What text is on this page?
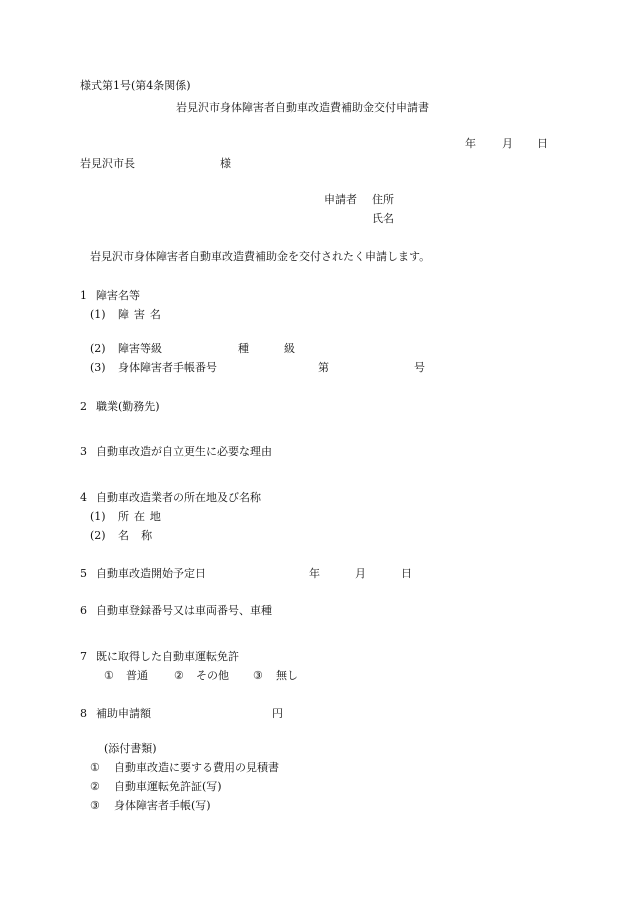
様式第1号(第4条関係)
岩見沢市身体障害者自動車改造費補助金交付申請書
年 月 日
岩見沢市長	様
申請者 住所
氏名
岩見沢市身体障害者自動車改造費補助金を交付されたく申請します。
1 障害名等
(1) 障害名
(2) 障害等級	種	級
(3) 身体障害者手帳番号	第	号
2 職業(勤務先)
3 自動車改造が自立更生に必要な理由
4 自動車改造業者の所在地及び名称
(1) 所在地
(2) 名称
5 自動車改造開始予定日	年	月	日
6 自動車登録番号又は車両番号、車種
7 既に取得した自動車運転免許
① 普通 ② その他 ③ 無し
8 補助申請額	円
(添付書類)
① 自動車改造に要する費用の見積書
② 自動車運転免許証(写)
③ 身体障害者手帳(写)
